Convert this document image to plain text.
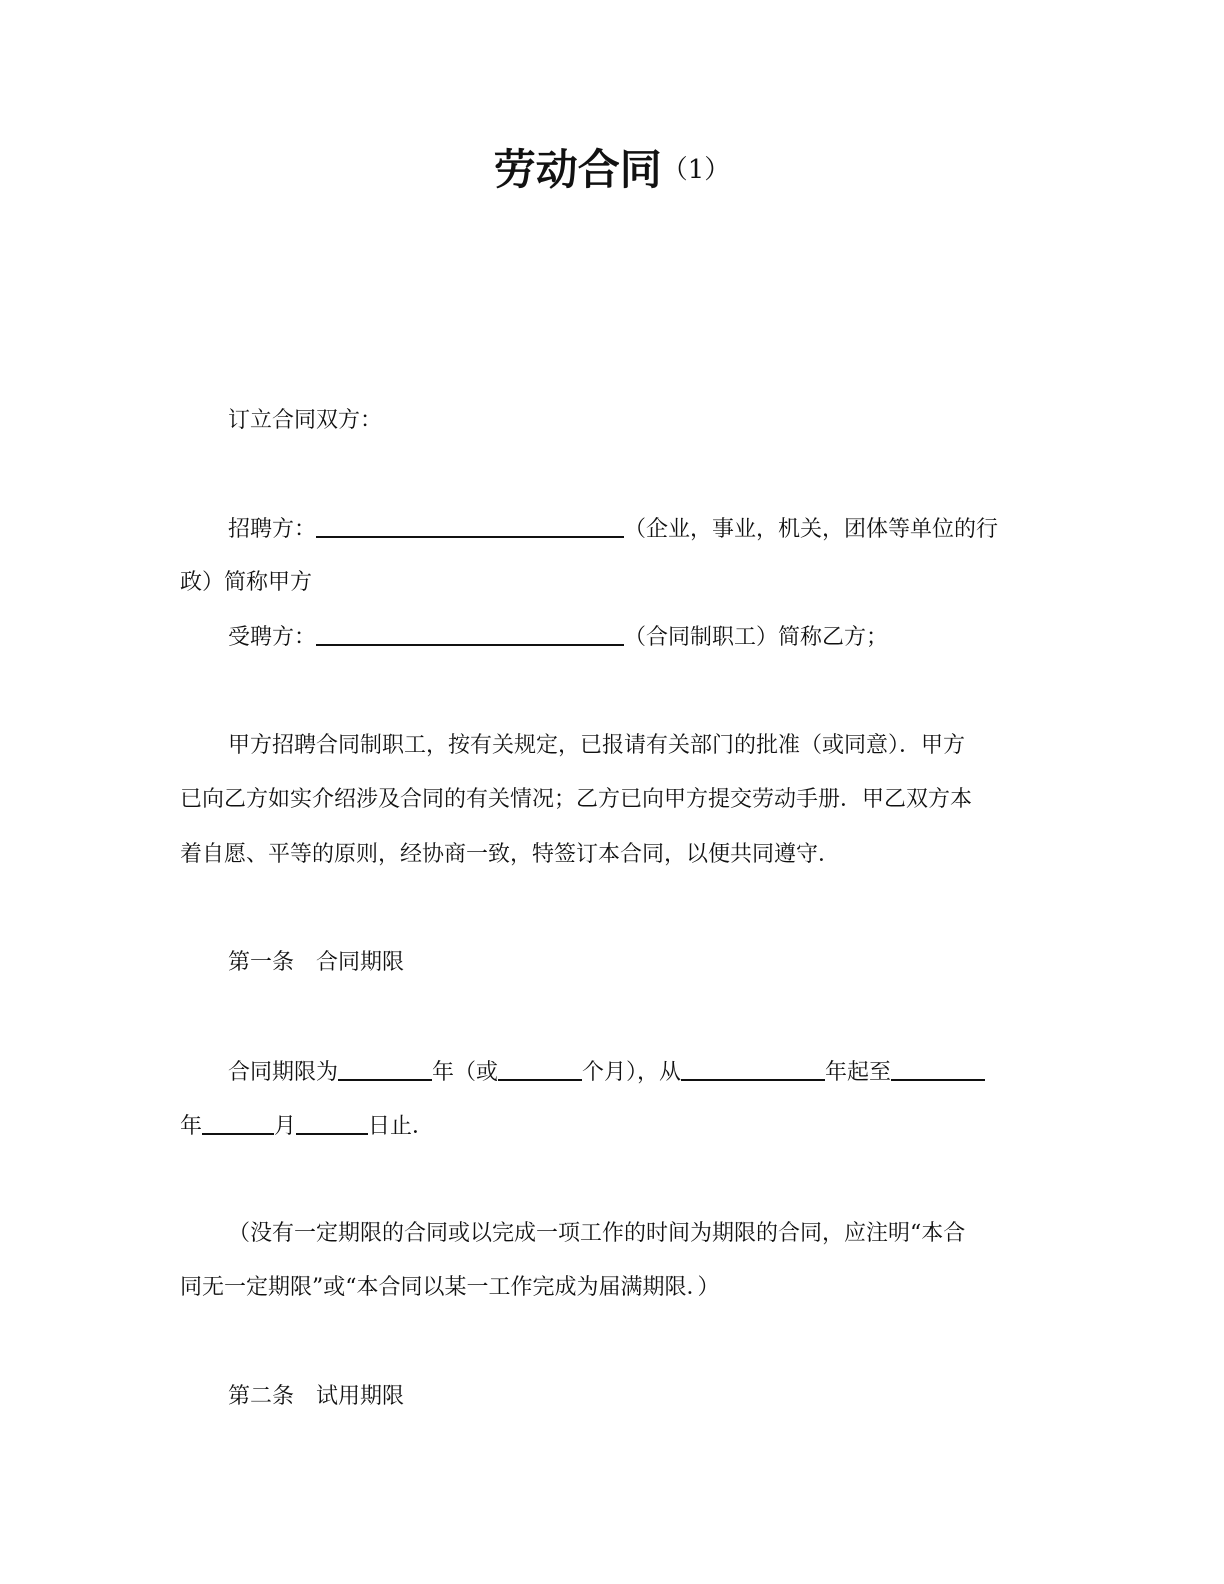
劳动合同（1）
订立合同双方：
招聘方：	（企业，事业，机关，团体等单位的行
政）简称甲方
受聘方：	（合同制职工）简称乙方；
甲方招聘合同制职工，按有关规定，已报请有关部门的批准（或同意）．甲方
已向乙方如实介绍涉及合同的有关情况；乙方已向甲方提交劳动手册．甲乙双方本
着自愿、平等的原则，经协商一致，特签订本合同，以便共同遵守．
第一条　合同期限
合同期限为	年（或	个月），从	年起至
年	月	日止．
（没有一定期限的合同或以完成一项工作的时间为期限的合同，应注明“本合
同无一定期限”或“本合同以某一工作完成为届满期限．）
第二条　试用期限
